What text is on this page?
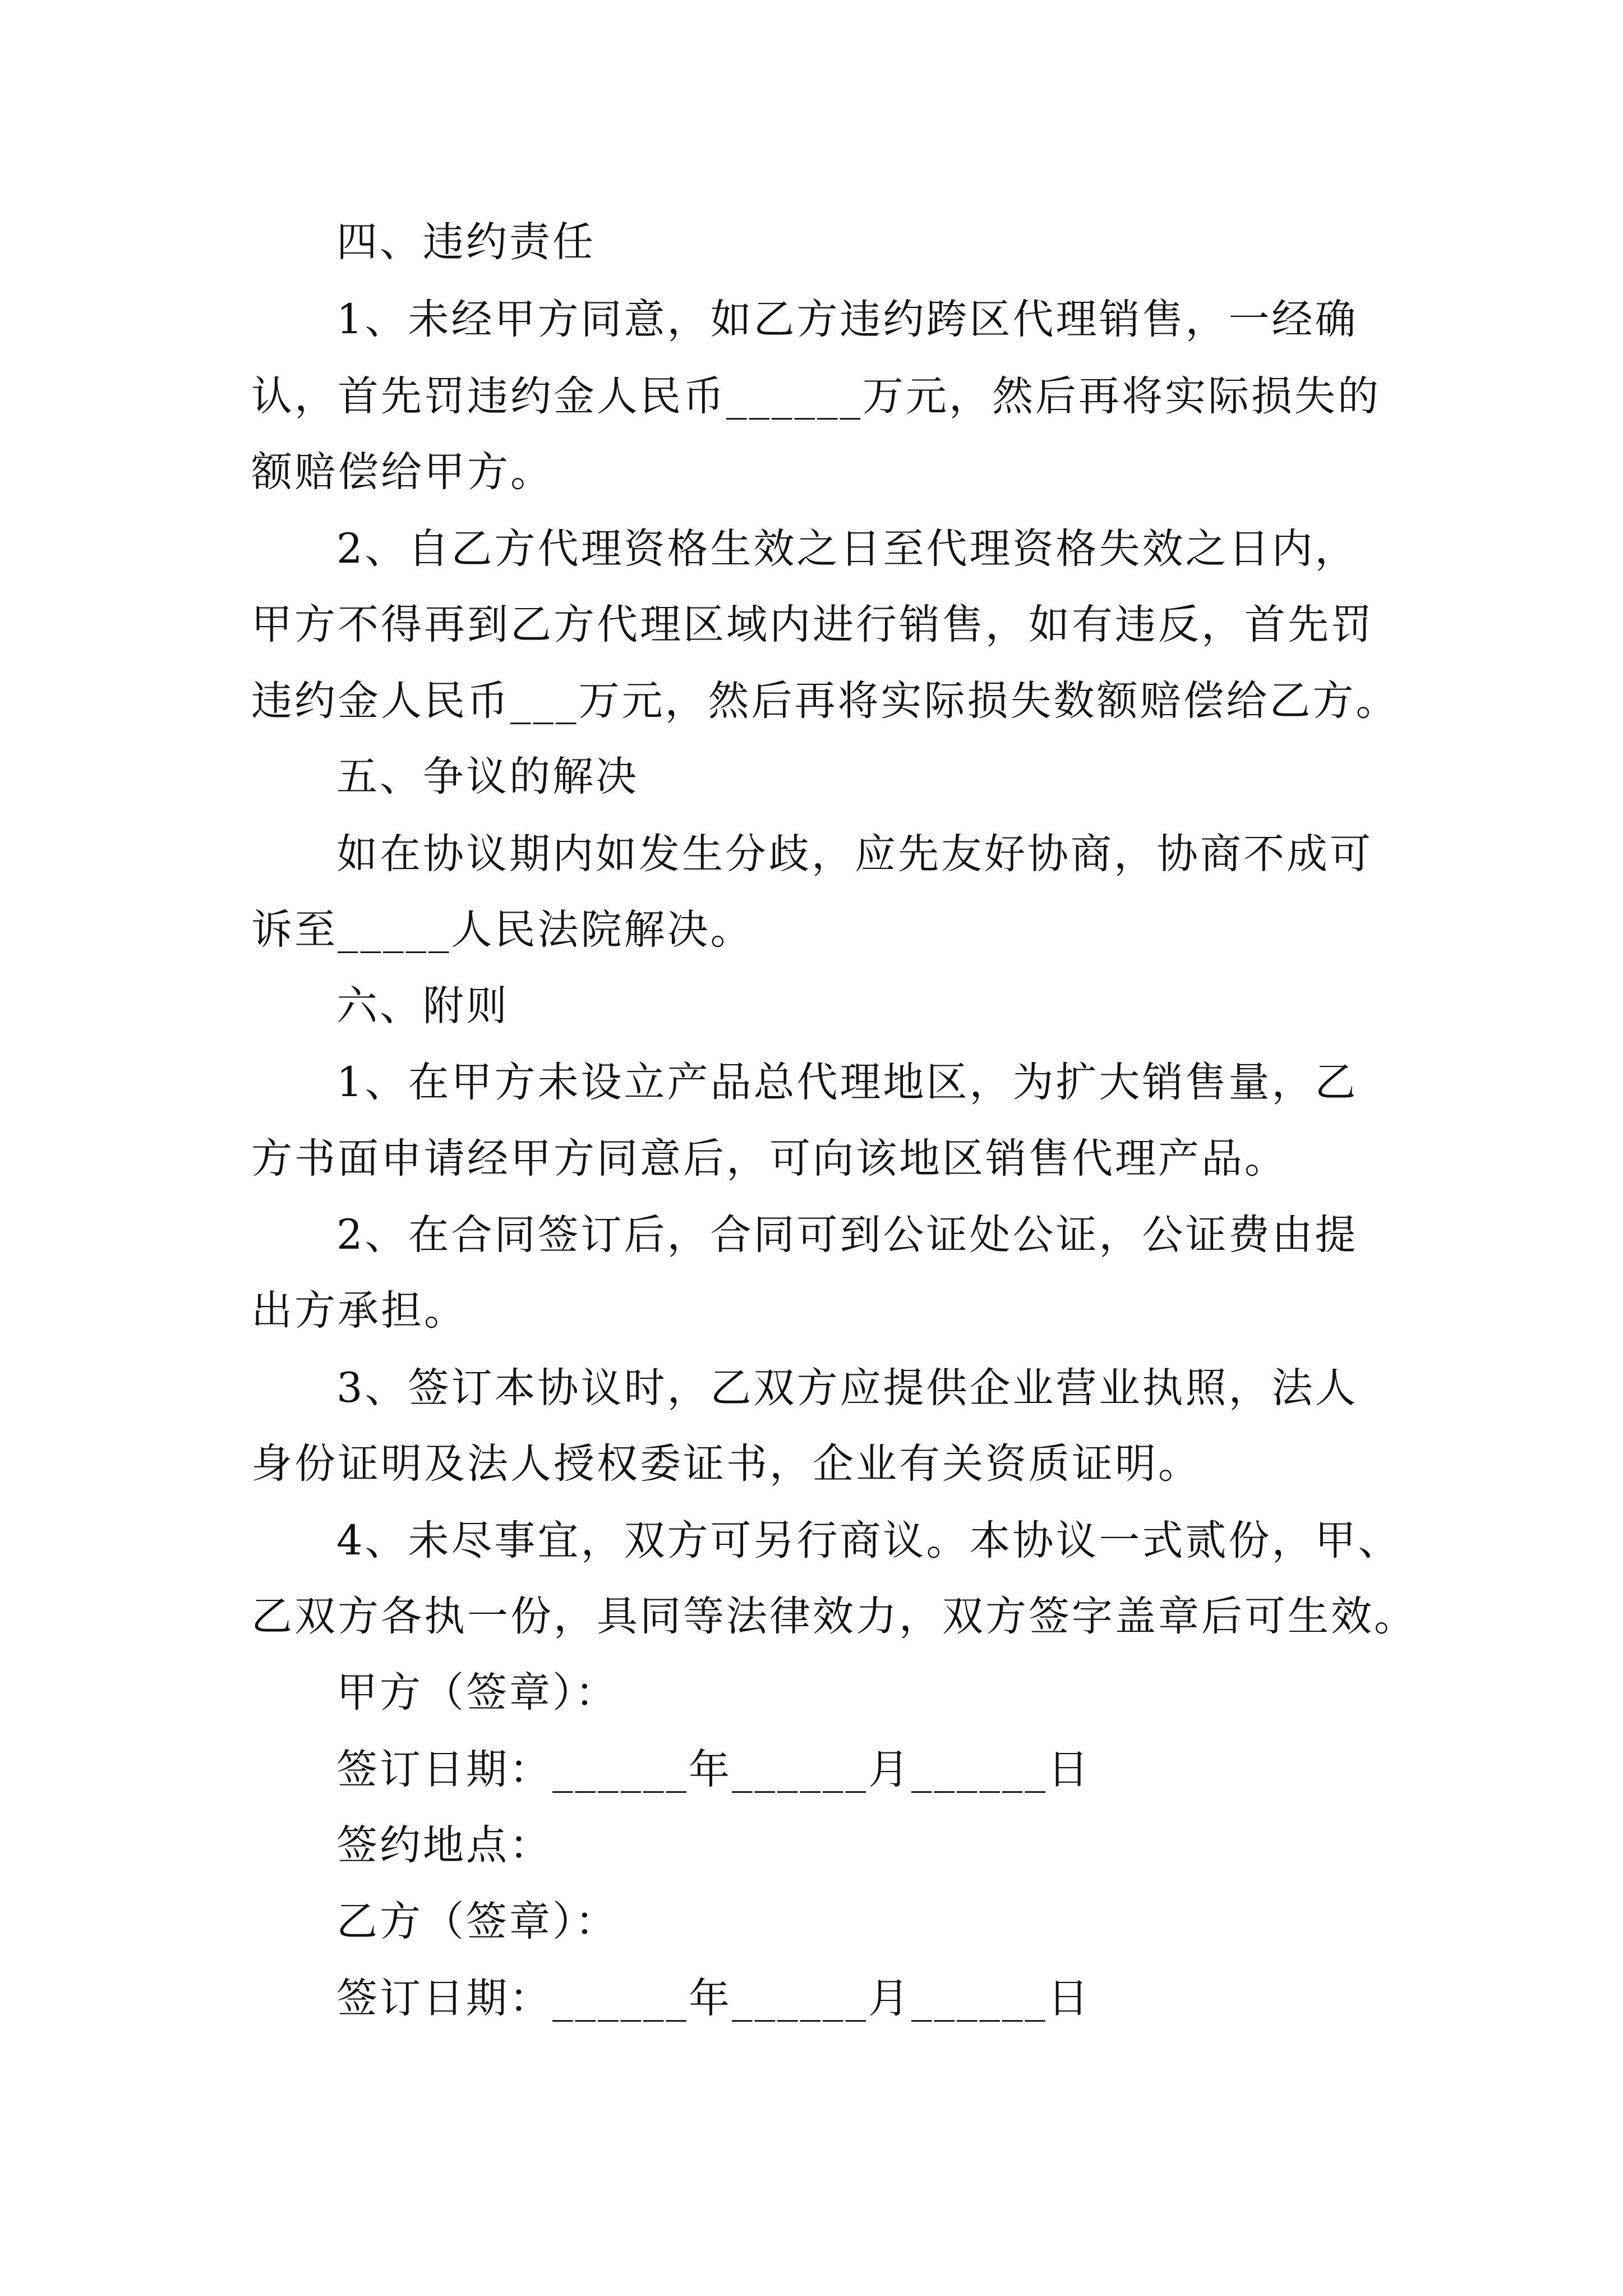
四、违约责任
1、未经甲方同意，如乙方违约跨区代理销售，一经确
认，首先罚违约金人民币______万元，然后再将实际损失的
额赔偿给甲方。
2、自乙方代理资格生效之日至代理资格失效之日内，
甲方不得再到乙方代理区域内进行销售，如有违反，首先罚
违约金人民币___万元，然后再将实际损失数额赔偿给乙方。
五、争议的解决
如在协议期内如发生分歧，应先友好协商，协商不成可
诉至_____人民法院解决。
六、附则
1、在甲方未设立产品总代理地区，为扩大销售量，乙
方书面申请经甲方同意后，可向该地区销售代理产品。
2、在合同签订后，合同可到公证处公证，公证费由提
出方承担。
3、签订本协议时，乙双方应提供企业营业执照，法人
身份证明及法人授权委证书，企业有关资质证明。
4、未尽事宜，双方可另行商议。本协议一式贰份，甲、
乙双方各执一份，具同等法律效力，双方签字盖章后可生效。
甲方（签章）：
签订日期：______年______月______日
签约地点：
乙方（签章）：
签订日期：______年______月______日
